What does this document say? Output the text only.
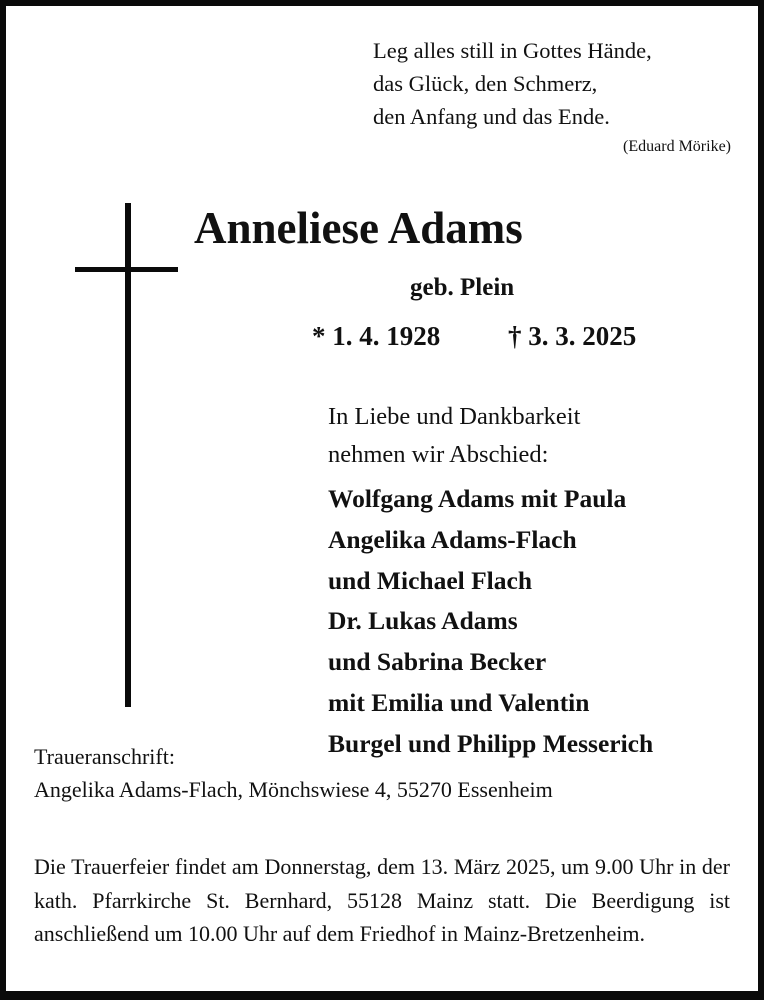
Leg alles still in Gottes Hände,
das Glück, den Schmerz,
den Anfang und das Ende.
(Eduard Mörike)
Anneliese Adams
geb. Plein
* 1. 4. 1928	† 3. 3. 2025
In Liebe und Dankbarkeit
nehmen wir Abschied:
Wolfgang Adams mit Paula
Angelika Adams-Flach
und Michael Flach
Dr. Lukas Adams
und Sabrina Becker
mit Emilia und Valentin
Burgel und Philipp Messerich
Traueranschrift:
Angelika Adams-Flach, Mönchswiese 4, 55270 Essenheim
Die Trauerfeier findet am Donnerstag, dem 13. März 2025, um 9.00 Uhr in der kath. Pfarrkirche St. Bernhard, 55128 Mainz statt. Die Beerdigung ist anschließend um 10.00 Uhr auf dem Friedhof in Mainz-Bretzenheim.
